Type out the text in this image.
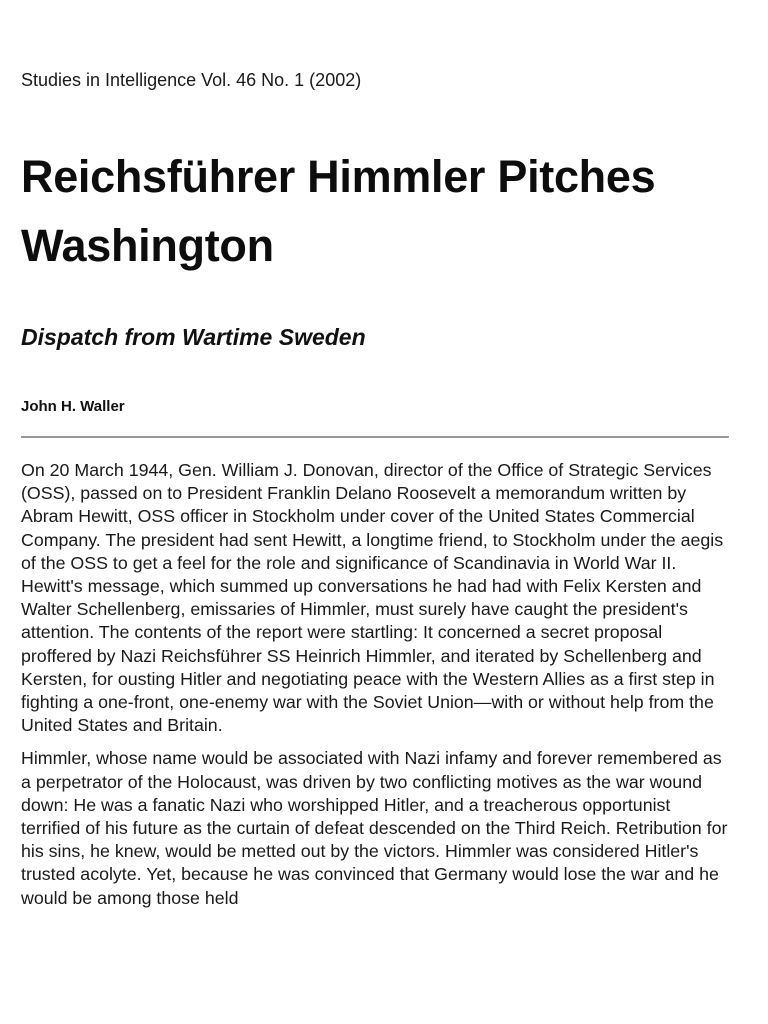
Studies in Intelligence Vol. 46 No. 1 (2002)
Reichsführer Himmler Pitches Washington
Dispatch from Wartime Sweden
John H. Waller

On 20 March 1944, Gen. William J. Donovan, director of the Office of Strategic Services (OSS), passed on to President Franklin Delano Roosevelt a memorandum written by Abram Hewitt, OSS officer in Stockholm under cover of the United States Commercial Company. The president had sent Hewitt, a longtime friend, to Stockholm under the aegis of the OSS to get a feel for the role and significance of Scandinavia in World War II. Hewitt's message, which summed up conversations he had had with Felix Kersten and Walter Schellenberg, emissaries of Himmler, must surely have caught the president's attention. The contents of the report were startling: It concerned a secret proposal proffered by Nazi Reichsführer SS Heinrich Himmler, and iterated by Schellenberg and Kersten, for ousting Hitler and negotiating peace with the Western Allies as a first step in fighting a one-front, one-enemy war with the Soviet Union—with or without help from the United States and Britain.

Himmler, whose name would be associated with Nazi infamy and forever remembered as a perpetrator of the Holocaust, was driven by two conflicting motives as the war wound down: He was a fanatic Nazi who worshipped Hitler, and a treacherous opportunist terrified of his future as the curtain of defeat descended on the Third Reich. Retribution for his sins, he knew, would be metted out by the victors. Himmler was considered Hitler's trusted acolyte. Yet, because he was convinced that Germany would lose the war and he would be among those held
